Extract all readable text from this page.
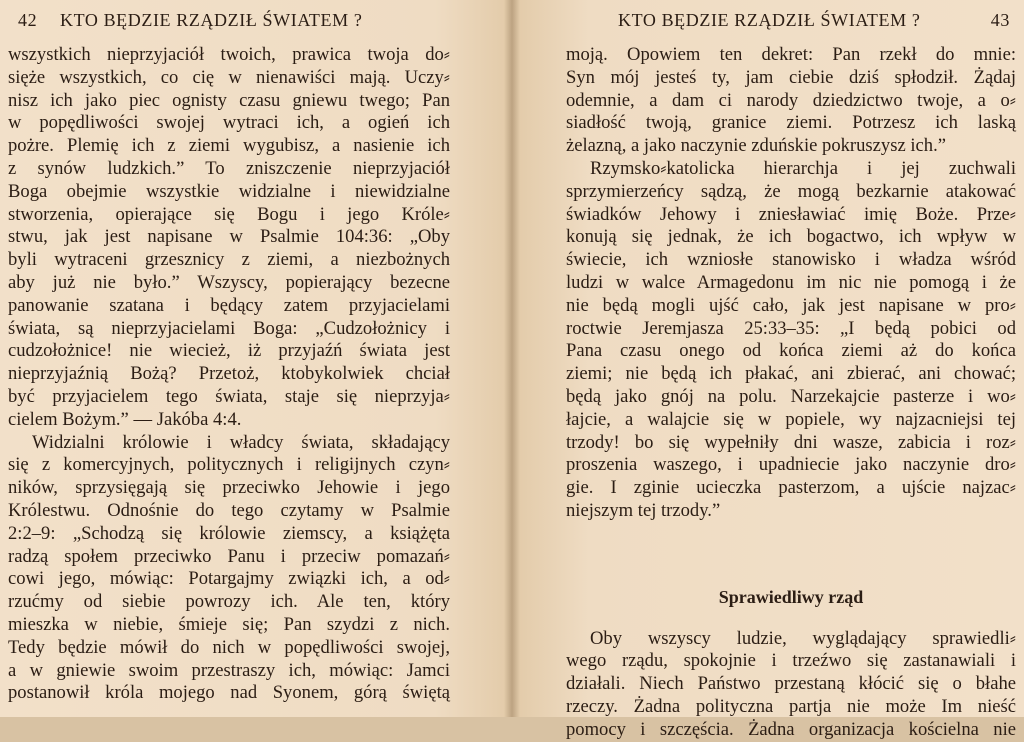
42 KTO BĘDZIE RZĄDZIŁ ŚWIATEM ?
wszystkich nieprzyjaciół twoich, prawica twoja do⸗
sięże wszystkich, co cię w nienawiści mają. Uczy⸗
nisz ich jako piec ognisty czasu gniewu twego; Pan
w popędliwości swojej wytraci ich, a ogień ich
pożre. Plemię ich z ziemi wygubisz, a nasienie ich
z synów ludzkich.” To zniszczenie nieprzyjaciół
Boga obejmie wszystkie widzialne i niewidzialne
stworzenia, opierające się Bogu i jego Króle⸗
stwu, jak jest napisane w Psalmie 104:36: „Oby
byli wytraceni grzesznicy z ziemi, a niezbożnych
aby już nie było.” Wszyscy, popierający bezecne
panowanie szatana i będący zatem przyjacielami
świata, są nieprzyjacielami Boga: „Cudzołożnicy i
cudzołożnice! nie wiecież, iż przyjaźń świata jest
nieprzyjaźnią Bożą? Przetoż, ktobykolwiek chciał
być przyjacielem tego świata, staje się nieprzyja⸗
cielem Bożym.” — Jakóba 4:4.
Widzialni królowie i władcy świata, składający
się z komercyjnych, politycznych i religijnych czyn⸗
ników, sprzysięgają się przeciwko Jehowie i jego
Królestwu. Odnośnie do tego czytamy w Psalmie
2:2–9: „Schodzą się królowie ziemscy, a książęta
radzą społem przeciwko Panu i przeciw pomazań⸗
cowi jego, mówiąc: Potargajmy związki ich, a od⸗
rzućmy od siebie powrozy ich. Ale ten, który
mieszka w niebie, śmieje się; Pan szydzi z nich.
Tedy będzie mówił do nich w popędliwości swojej,
a w gniewie swoim przestraszy ich, mówiąc: Jamci
postanowił króla mojego nad Syonem, górą świętą
KTO BĘDZIE RZĄDZIŁ ŚWIATEM ?	43
moją. Opowiem ten dekret: Pan rzekł do mnie:
Syn mój jesteś ty, jam ciebie dziś spłodził. Żądaj
odemnie, a dam ci narody dziedzictwo twoje, a o⸗
siadłość twoją, granice ziemi. Potrzesz ich laską
żelazną, a jako naczynie zduńskie pokruszysz ich.”
Rzymsko⸗katolicka hierarchja i jej zuchwali
sprzymierzeńcy sądzą, że mogą bezkarnie atakować
świadków Jehowy i zniesławiać imię Boże. Prze⸗
konują się jednak, że ich bogactwo, ich wpływ w
świecie, ich wzniosłe stanowisko i władza wśród
ludzi w walce Armagedonu im nic nie pomogą i że
nie będą mogli ujść cało, jak jest napisane w pro⸗
roctwie Jeremjasza 25:33–35: „I będą pobici od
Pana czasu onego od końca ziemi aż do końca
ziemi; nie będą ich płakać, ani zbierać, ani chować;
będą jako gnój na polu. Narzekajcie pasterze i wo⸗
łajcie, a walajcie się w popiele, wy najzacniejsi tej
trzody! bo się wypełniły dni wasze, zabicia i roz⸗
proszenia waszego, i upadniecie jako naczynie dro⸗
gie. I zginie ucieczka pasterzom, a ujście najzac⸗
niejszym tej trzody.”
Sprawiedliwy rząd
Oby wszyscy ludzie, wyglądający sprawiedli⸗
wego rządu, spokojnie i trzeźwo się zastanawiali i
działali. Niech Państwo przestaną kłócić się o błahe
rzeczy. Żadna polityczna partja nie może Im nieść
pomocy i szczęścia. Żadna organizacja kościelna nie
